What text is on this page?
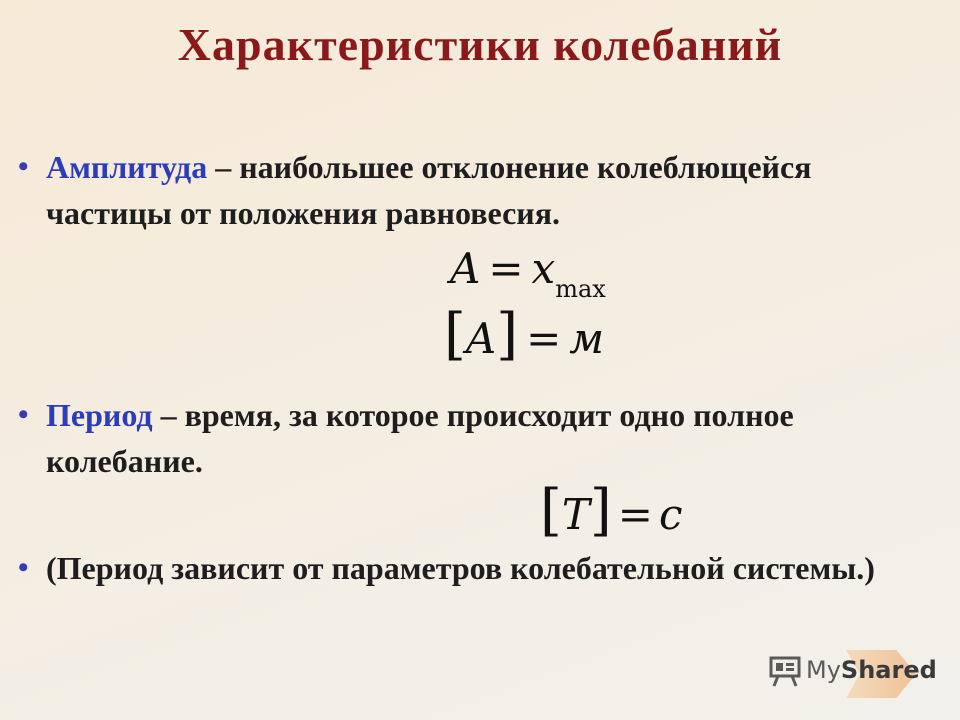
Характеристики колебаний
• Амплитуда – наибольшее отклонение колеблющейся частицы от положения равновесия.
$A = x_{max}$
[A] = м
• Период – время, за которое происходит одно полное колебание.
[T] = с
• (Период зависит от параметров колебательной системы.)
MyShared
